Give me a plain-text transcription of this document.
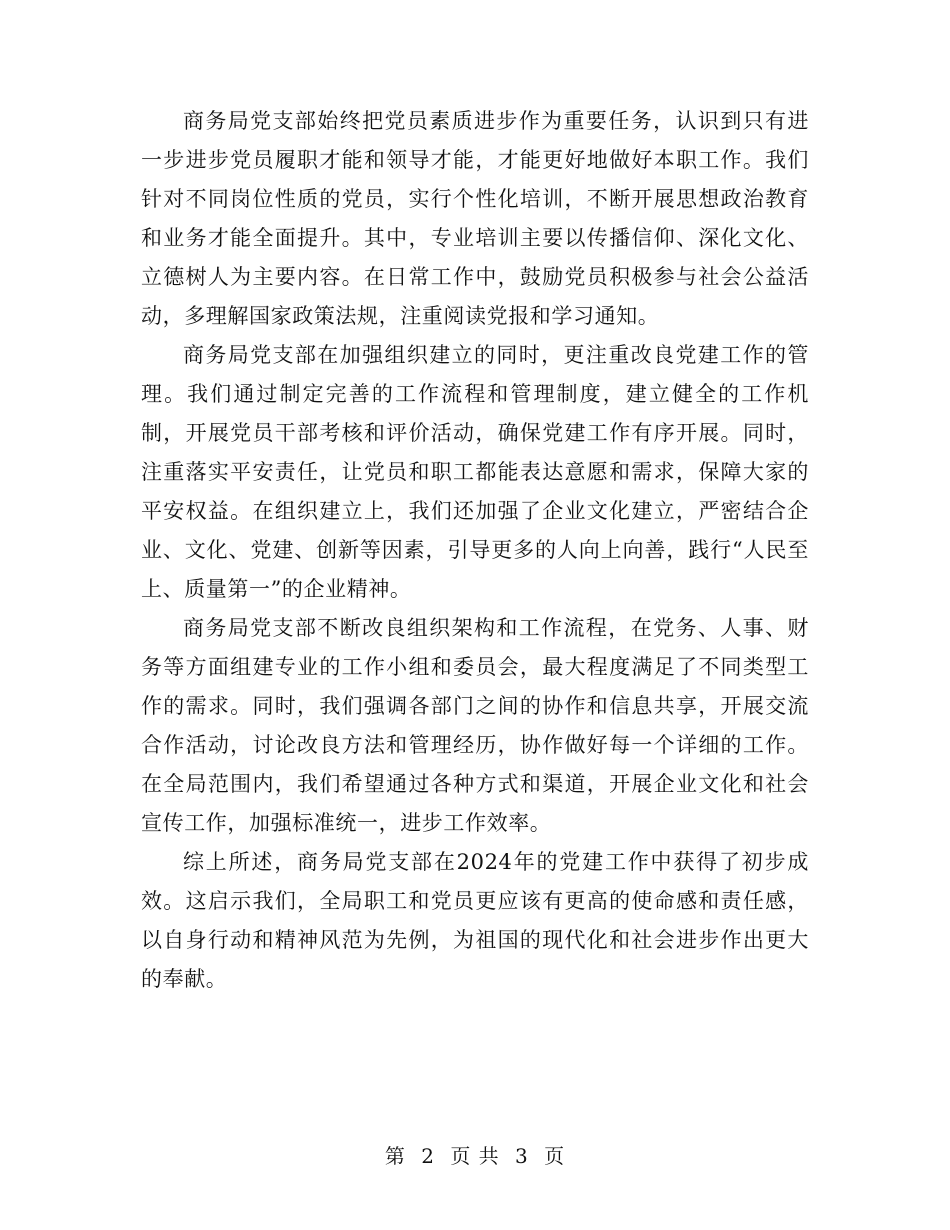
商务局党支部始终把党员素质进步作为重要任务，认识到只有进一步进步党员履职才能和领导才能，才能更好地做好本职工作。我们针对不同岗位性质的党员，实行个性化培训，不断开展思想政治教育和业务才能全面提升。其中，专业培训主要以传播信仰、深化文化、立德树人为主要内容。在日常工作中，鼓励党员积极参与社会公益活动，多理解国家政策法规，注重阅读党报和学习通知。

商务局党支部在加强组织建立的同时，更注重改良党建工作的管理。我们通过制定完善的工作流程和管理制度，建立健全的工作机制，开展党员干部考核和评价活动，确保党建工作有序开展。同时，注重落实平安责任，让党员和职工都能表达意愿和需求，保障大家的平安权益。在组织建立上，我们还加强了企业文化建立，严密结合企业、文化、党建、创新等因素，引导更多的人向上向善，践行“人民至上、质量第一”的企业精神。

商务局党支部不断改良组织架构和工作流程，在党务、人事、财务等方面组建专业的工作小组和委员会，最大程度满足了不同类型工作的需求。同时，我们强调各部门之间的协作和信息共享，开展交流合作活动，讨论改良方法和管理经历，协作做好每一个详细的工作。在全局范围内，我们希望通过各种方式和渠道，开展企业文化和社会宣传工作，加强标准统一，进步工作效率。

综上所述，商务局党支部在2024年的党建工作中获得了初步成效。这启示我们，全局职工和党员更应该有更高的使命感和责任感，以自身行动和精神风范为先例，为祖国的现代化和社会进步作出更大的奉献。

第 2 页 共 3 页
